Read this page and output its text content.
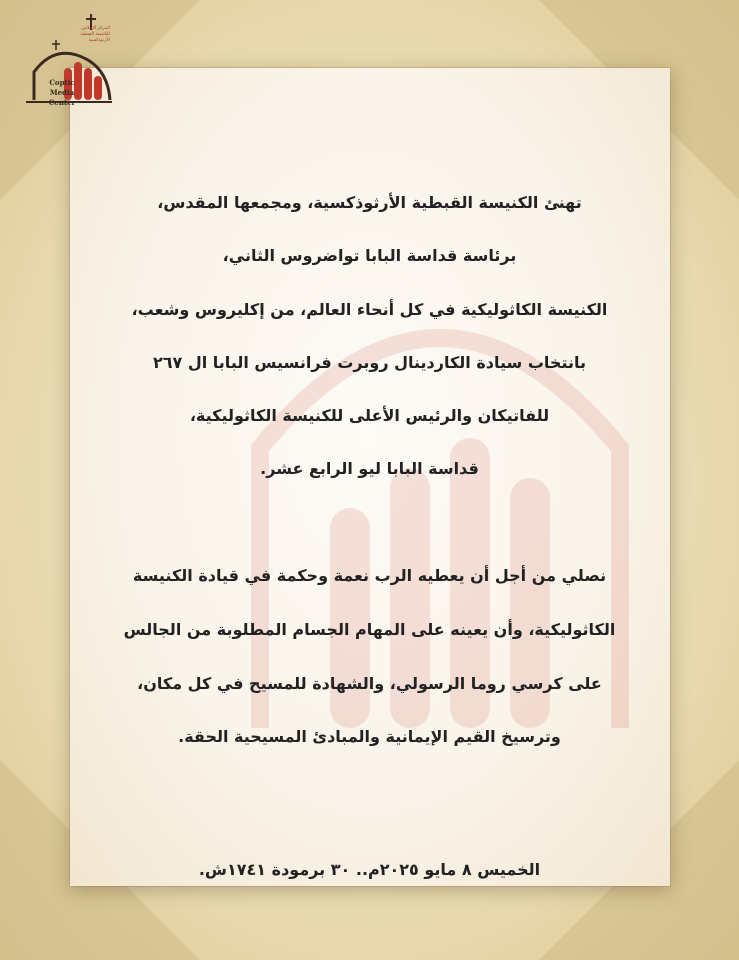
المركز الإعلامي
للكنيسة القبطية الأرثوذكسية
Coptic
Media
Center
تهنئ الكنيسة القبطية الأرثوذكسية، ومجمعها المقدس،
برئاسة قداسة البابا تواضروس الثاني،
الكنيسة الكاثوليكية في كل أنحاء العالم، من إكليروس وشعب،
بانتخاب سيادة الكاردينال روبرت فرانسيس البابا ال ٢٦٧
للفاتيكان والرئيس الأعلى للكنيسة الكاثوليكية،
قداسة البابا ليو الرابع عشر.
نصلي من أجل أن يعطيه الرب نعمة وحكمة في قيادة الكنيسة
الكاثوليكية، وأن يعينه على المهام الجسام المطلوبة من الجالس
على كرسي روما الرسولي، والشهادة للمسيح في كل مكان،
وترسيخ القيم الإيمانية والمبادئ المسيحية الحقة.
الخميس ٨ مايو ٢٠٢٥م.. ٣٠ برمودة ١٧٤١ش.
